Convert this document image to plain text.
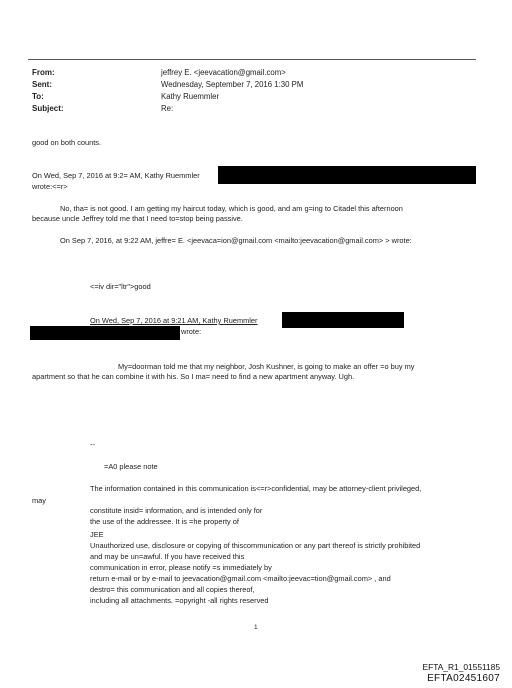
From:
Sent:
To:
Subject:
jeffrey E. <jeevacation@gmail.com>
Wednesday, September 7, 2016 1:30 PM
Kathy Ruemmler
Re:
good on both counts.
On Wed, Sep 7, 2016 at 9:2= AM, Kathy Ruemmler
wrote:<=r>
No, tha= is not good. I am getting my haircut today, which is good, and am g=ing to Citadel this afternoon
because uncle Jeffrey told me that I need to=stop being passive.
On Sep 7, 2016, at 9:22 AM, jeffre= E. <jeevaca=ion@gmail.com <mailto:jeevacation@gmail.com> > wrote:
<=iv dir="ltr">good
On Wed, Sep 7, 2016 at 9:21 AM, Kathy Ruemmler
wrote:
My=doorman told me that my neighbor, Josh Kushner, is going to make an offer =o buy my
apartment so that he can combine it with his. So I ma= need to find a new apartment anyway. Ugh.
--
=A0 please note
The information contained in this communication is<=r>confidential, may be attorney-client privileged,
may
constitute insid= information, and is intended only for
the use of the addressee. It is =he property of
JEE
Unauthorized use, disclosure or copying of thiscommunication or any part thereof is strictly prohibited
and may be un=awful. If you have received this
communication in error, please notify =s immediately by
return e-mail or by e-mail to jeevacation@gmail.com <mailto:jeevac=tion@gmail.com> , and
destro= this communication and all copies thereof,
including all attachments. =opyright -all rights reserved
1
EFTA_R1_01551185
EFTA02451607
